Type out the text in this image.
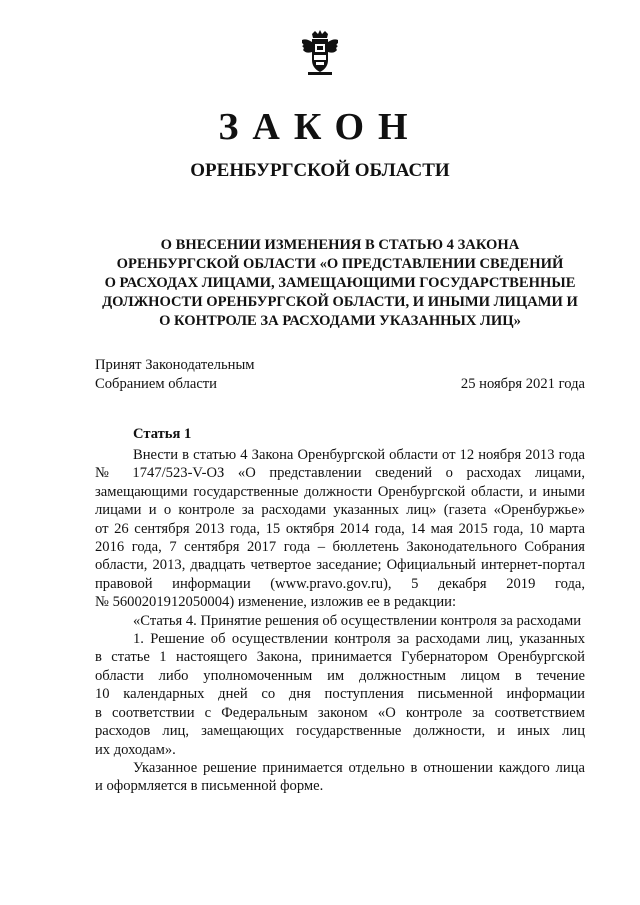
ЗАКОН
ОРЕНБУРГСКОЙ ОБЛАСТИ
О ВНЕСЕНИИ ИЗМЕНЕНИЯ В СТАТЬЮ 4 ЗАКОНА
ОРЕНБУРГСКОЙ ОБЛАСТИ «О ПРЕДСТАВЛЕНИИ СВЕДЕНИЙ
О РАСХОДАХ ЛИЦАМИ, ЗАМЕЩАЮЩИМИ ГОСУДАРСТВЕННЫЕ
ДОЛЖНОСТИ ОРЕНБУРГСКОЙ ОБЛАСТИ, И ИНЫМИ ЛИЦАМИ И
О КОНТРОЛЕ ЗА РАСХОДАМИ УКАЗАННЫХ ЛИЦ»
Принят Законодательным
Собранием области	25 ноября 2021 года
Статья 1

Внести в статью 4 Закона Оренбургской области от 12 ноября 2013 года
№ 1747/523-V-ОЗ «О представлении сведений о расходах лицами,
замещающими государственные должности Оренбургской области, и иными
лицами и о контроле за расходами указанных лиц» (газета «Оренбуржье»
от 26 сентября 2013 года, 15 октября 2014 года, 14 мая 2015 года, 10 марта
2016 года, 7 сентября 2017 года – бюллетень Законодательного Собрания
области, 2013, двадцать четвертое заседание; Официальный интернет-портал
правовой информации (www.pravo.gov.ru), 5 декабря 2019 года,
№ 5600201912050004) изменение, изложив ее в редакции:

«Статья 4. Принятие решения об осуществлении контроля за расходами

1. Решение об осуществлении контроля за расходами лиц, указанных
в статье 1 настоящего Закона, принимается Губернатором Оренбургской
области либо уполномоченным им должностным лицом в течение
10 календарных дней со дня поступления письменной информации
в соответствии с Федеральным законом «О контроле за соответствием
расходов лиц, замещающих государственные должности, и иных лиц
их доходам».

Указанное решение принимается отдельно в отношении каждого лица
и оформляется в письменной форме.
